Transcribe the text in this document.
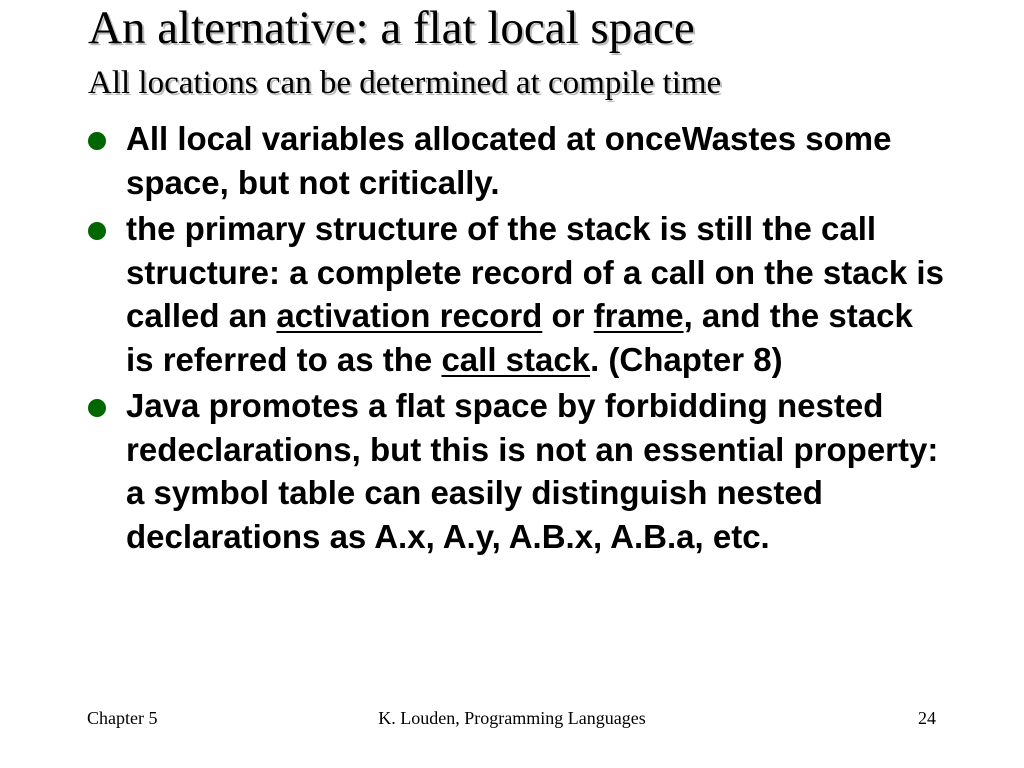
An alternative: a flat local space
All locations can be determined at compile time
All local variables allocated at onceWastes some space, but not critically.
the primary structure of the stack is still the call structure: a complete record of a call on the stack is called an activation record or frame, and the stack is referred to as the call stack. (Chapter 8)
Java promotes a flat space by forbidding nested redeclarations, but this is not an essential property: a symbol table can easily distinguish nested declarations as A.x, A.y, A.B.x, A.B.a, etc.
Chapter 5	K. Louden, Programming Languages	24
